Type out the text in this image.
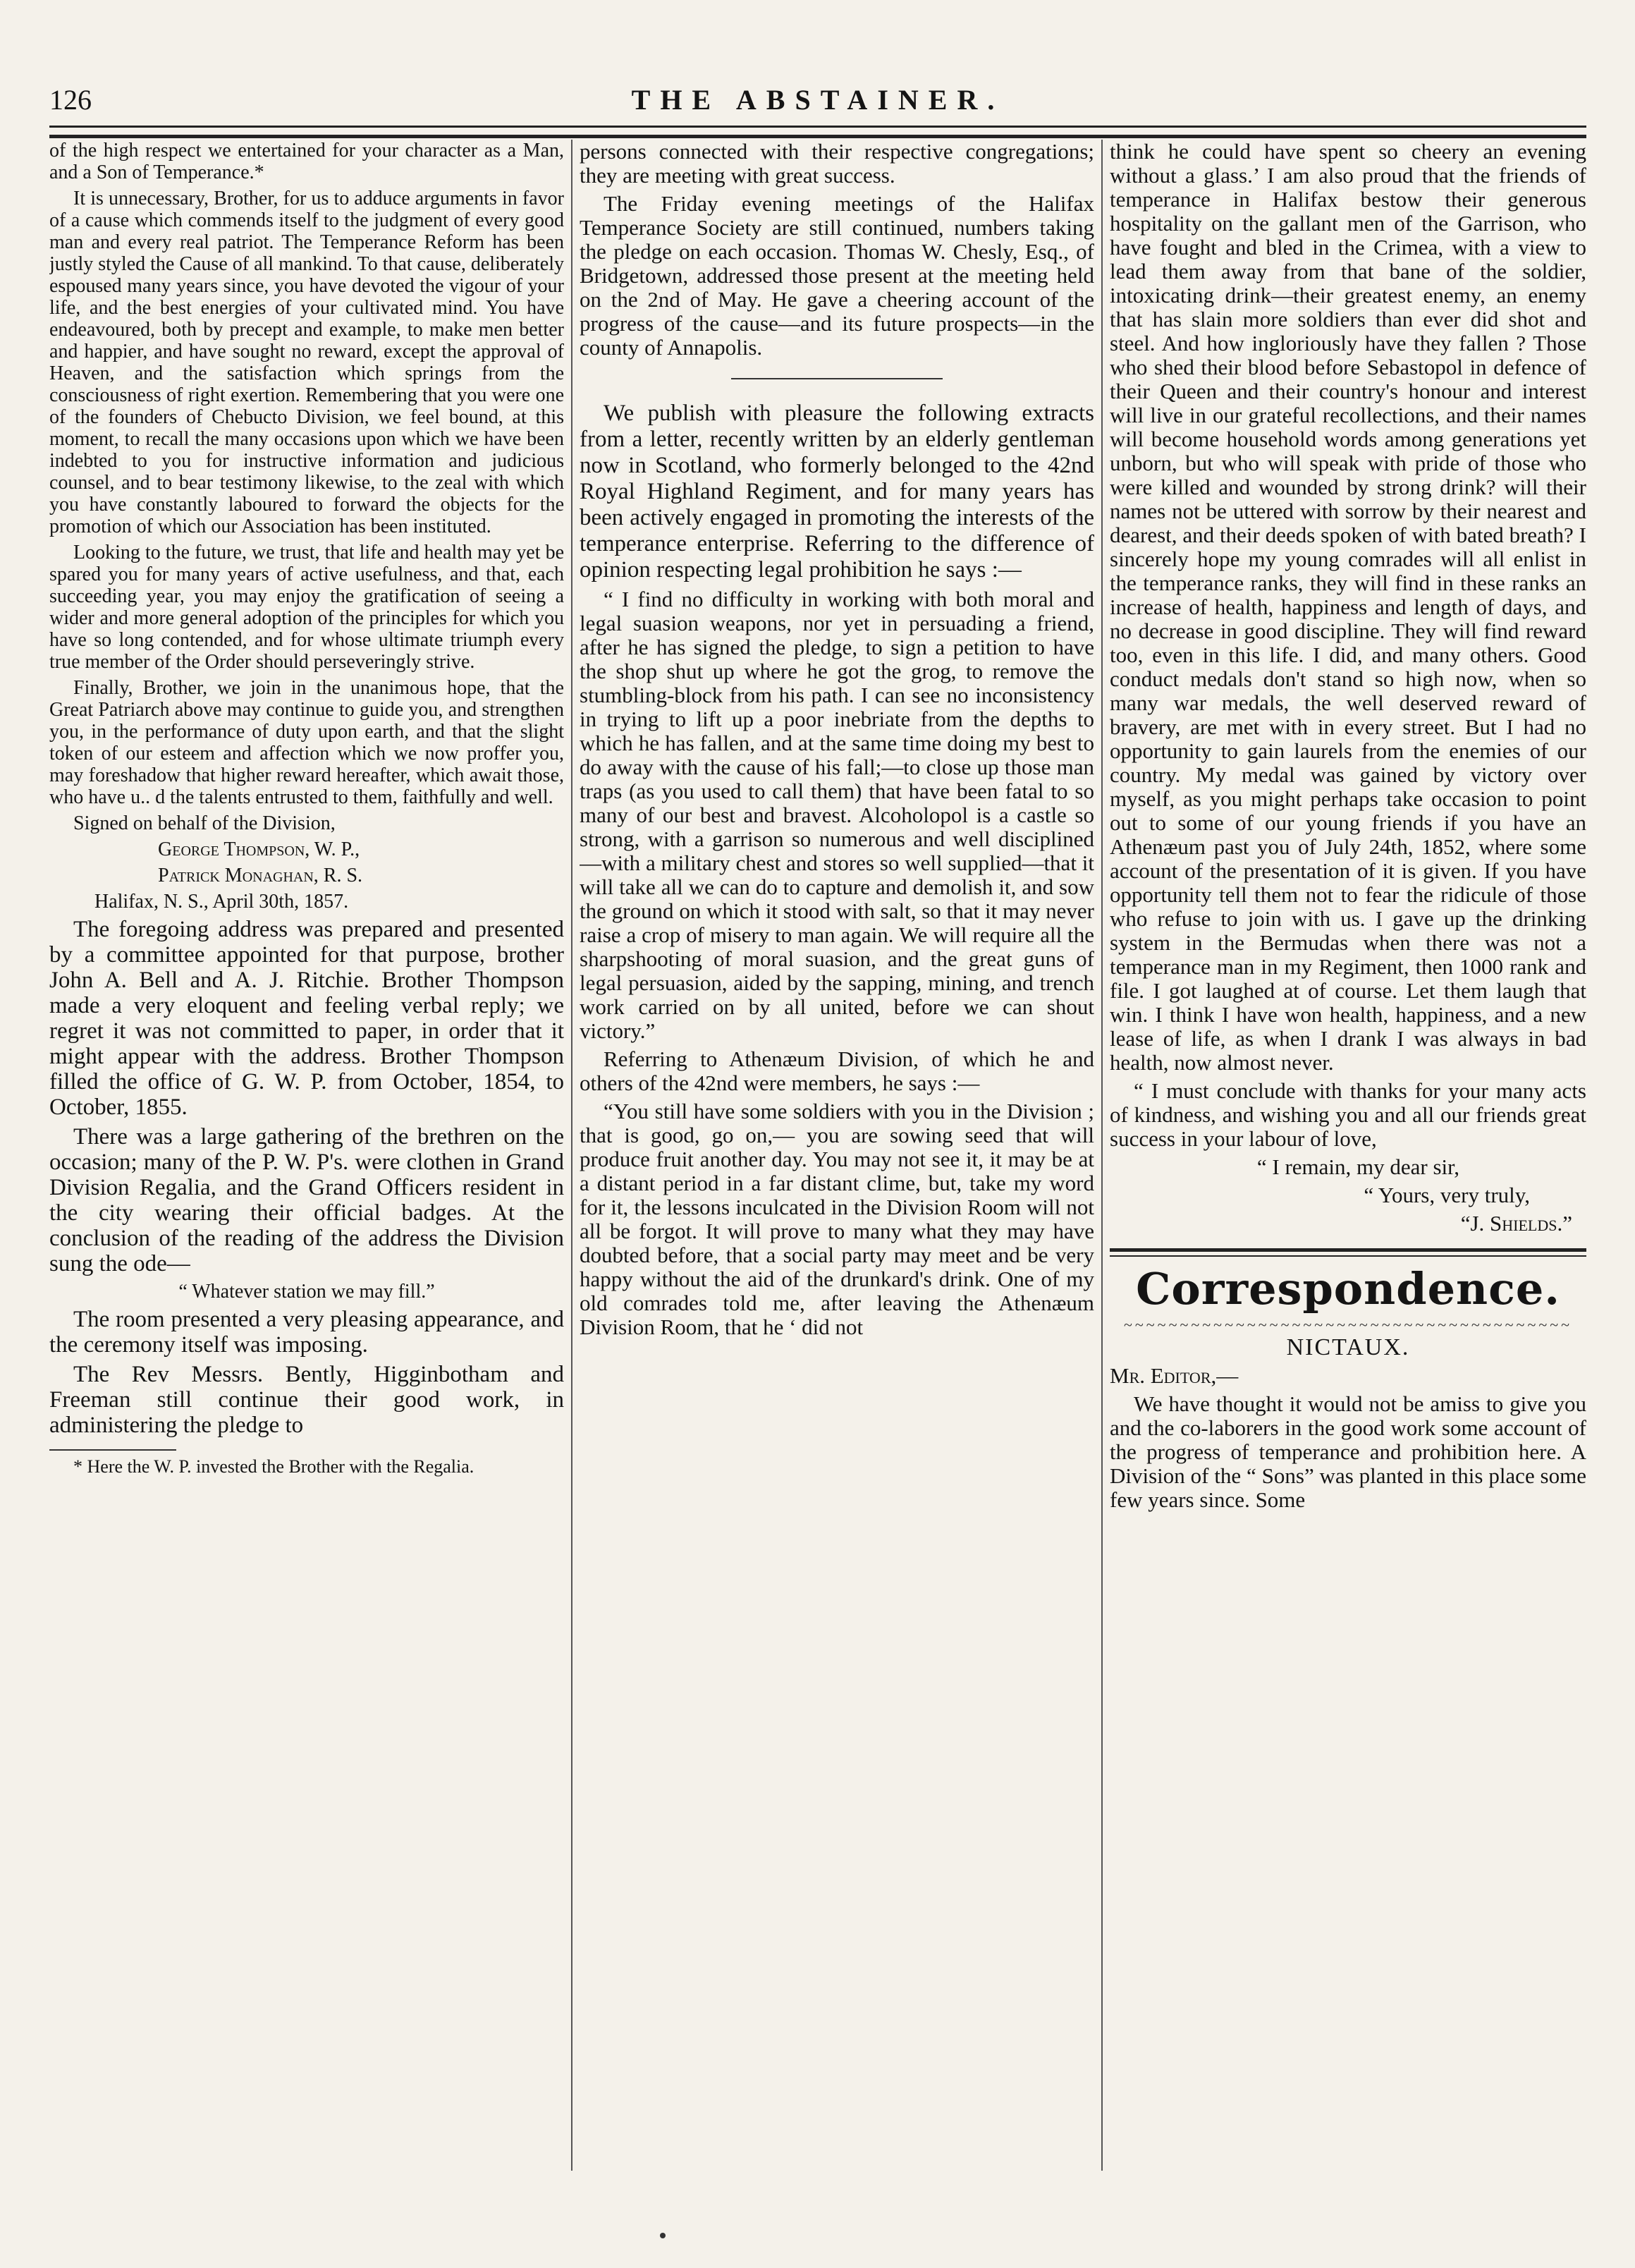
126	THE ABSTAINER.

of the high respect we entertained for your character as a Man, and a Son of Temperance.*

It is unnecessary, Brother, for us to adduce arguments in favor of a cause which commends itself to the judgment of every good man and every real patriot. The Temperance Reform has been justly styled the Cause of all mankind. To that cause, deliberately espoused many years since, you have devoted the vigour of your life, and the best energies of your cultivated mind. You have endeavoured, both by precept and example, to make men better and happier, and have sought no reward, except the approval of Heaven, and the satisfaction which springs from the consciousness of right exertion. Remembering that you were one of the founders of Chebucto Division, we feel bound, at this moment, to recall the many occasions upon which we have been indebted to you for instructive information and judicious counsel, and to bear testimony likewise, to the zeal with which you have constantly laboured to forward the objects for the promotion of which our Association has been instituted.

Looking to the future, we trust, that life and health may yet be spared you for many years of active usefulness, and that, each succeeding year, you may enjoy the gratification of seeing a wider and more general adoption of the principles for which you have so long contended, and for whose ultimate triumph every true member of the Order should perseveringly strive.

Finally, Brother, we join in the unanimous hope, that the Great Patriarch above may continue to guide you, and strengthen you, in the performance of duty upon earth, and that the slight token of our esteem and affection which we now proffer you, may foreshadow that higher reward hereafter, which await those, who have u.. d the talents entrusted to them, faithfully and well.

Signed on behalf of the Division,

George Thompson, W. P.,

Patrick Monaghan, R. S.

Halifax, N. S., April 30th, 1857.

The foregoing address was prepared and presented by a committee appointed for that purpose, brother John A. Bell and A. J. Ritchie. Brother Thompson made a very eloquent and feeling verbal reply; we regret it was not committed to paper, in order that it might appear with the address. Brother Thompson filled the office of G. W. P. from October, 1854, to October, 1855.

There was a large gathering of the brethren on the occasion; many of the P. W. P's. were clothen in Grand Division Regalia, and the Grand Officers resident in the city wearing their official badges. At the conclusion of the reading of the address the Division sung the ode—

“ Whatever station we may fill.”

The room presented a very pleasing appearance, and the ceremony itself was imposing.

The Rev Messrs. Bently, Higginbotham and Freeman still continue their good work, in administering the pledge to

* Here the W. P. invested the Brother with the Regalia.

persons connected with their respective congregations; they are meeting with great success.

The Friday evening meetings of the Halifax Temperance Society are still continued, numbers taking the pledge on each occasion. Thomas W. Chesly, Esq., of Bridgetown, addressed those present at the meeting held on the 2nd of May. He gave a cheering account of the progress of the cause—and its future prospects—in the county of Annapolis.

We publish with pleasure the following extracts from a letter, recently written by an elderly gentleman now in Scotland, who formerly belonged to the 42nd Royal Highland Regiment, and for many years has been actively engaged in promoting the interests of the temperance enterprise. Referring to the difference of opinion respecting legal prohibition he says :—

“ I find no difficulty in working with both moral and legal suasion weapons, nor yet in persuading a friend, after he has signed the pledge, to sign a petition to have the shop shut up where he got the grog, to remove the stumbling-block from his path. I can see no inconsistency in trying to lift up a poor inebriate from the depths to which he has fallen, and at the same time doing my best to do away with the cause of his fall;—to close up those man traps (as you used to call them) that have been fatal to so many of our best and bravest. Alcoholopol is a castle so strong, with a garrison so numerous and well disciplined—with a military chest and stores so well supplied—that it will take all we can do to capture and demolish it, and sow the ground on which it stood with salt, so that it may never raise a crop of misery to man again. We will require all the sharpshooting of moral suasion, and the great guns of legal persuasion, aided by the sapping, mining, and trench work carried on by all united, before we can shout victory.”

Referring to Athenæum Division, of which he and others of the 42nd were members, he says :—

“You still have some soldiers with you in the Division ; that is good, go on,— you are sowing seed that will produce fruit another day. You may not see it, it may be at a distant period in a far distant clime, but, take my word for it, the lessons inculcated in the Division Room will not all be forgot. It will prove to many what they may have doubted before, that a social party may meet and be very happy without the aid of the drunkard's drink. One of my old comrades told me, after leaving the Athenæum Division Room, that he ‘ did not

think he could have spent so cheery an evening without a glass.’ I am also proud that the friends of temperance in Halifax bestow their generous hospitality on the gallant men of the Garrison, who have fought and bled in the Crimea, with a view to lead them away from that bane of the soldier, intoxicating drink—their greatest enemy, an enemy that has slain more soldiers than ever did shot and steel. And how ingloriously have they fallen ? Those who shed their blood before Sebastopol in defence of their Queen and their country's honour and interest will live in our grateful recollections, and their names will become household words among generations yet unborn, but who will speak with pride of those who were killed and wounded by strong drink? will their names not be uttered with sorrow by their nearest and dearest, and their deeds spoken of with bated breath? I sincerely hope my young comrades will all enlist in the temperance ranks, they will find in these ranks an increase of health, happiness and length of days, and no decrease in good discipline. They will find reward too, even in this life. I did, and many others. Good conduct medals don't stand so high now, when so many war medals, the well deserved reward of bravery, are met with in every street. But I had no opportunity to gain laurels from the enemies of our country. My medal was gained by victory over myself, as you might perhaps take occasion to point out to some of our young friends if you have an Athenæum past you of July 24th, 1852, where some account of the presentation of it is given. If you have opportunity tell them not to fear the ridicule of those who refuse to join with us. I gave up the drinking system in the Bermudas when there was not a temperance man in my Regiment, then 1000 rank and file. I got laughed at of course. Let them laugh that win. I think I have won health, happiness, and a new lease of life, as when I drank I was always in bad health, now almost never.

“ I must conclude with thanks for your many acts of kindness, and wishing you and all our friends great success in your labour of love,

“ I remain, my dear sir,

“ Yours, very truly,

“J. Shields.”

Correspondence.
~~~~~~~~~~~~~~~~~~~~~~~~~~~~~~~~~~~~~~~~

NICTAUX.

Mr. Editor,—

We have thought it would not be amiss to give you and the co-laborers in the good work some account of the progress of temperance and prohibition here. A Division of the “ Sons” was planted in this place some few years since. Some
